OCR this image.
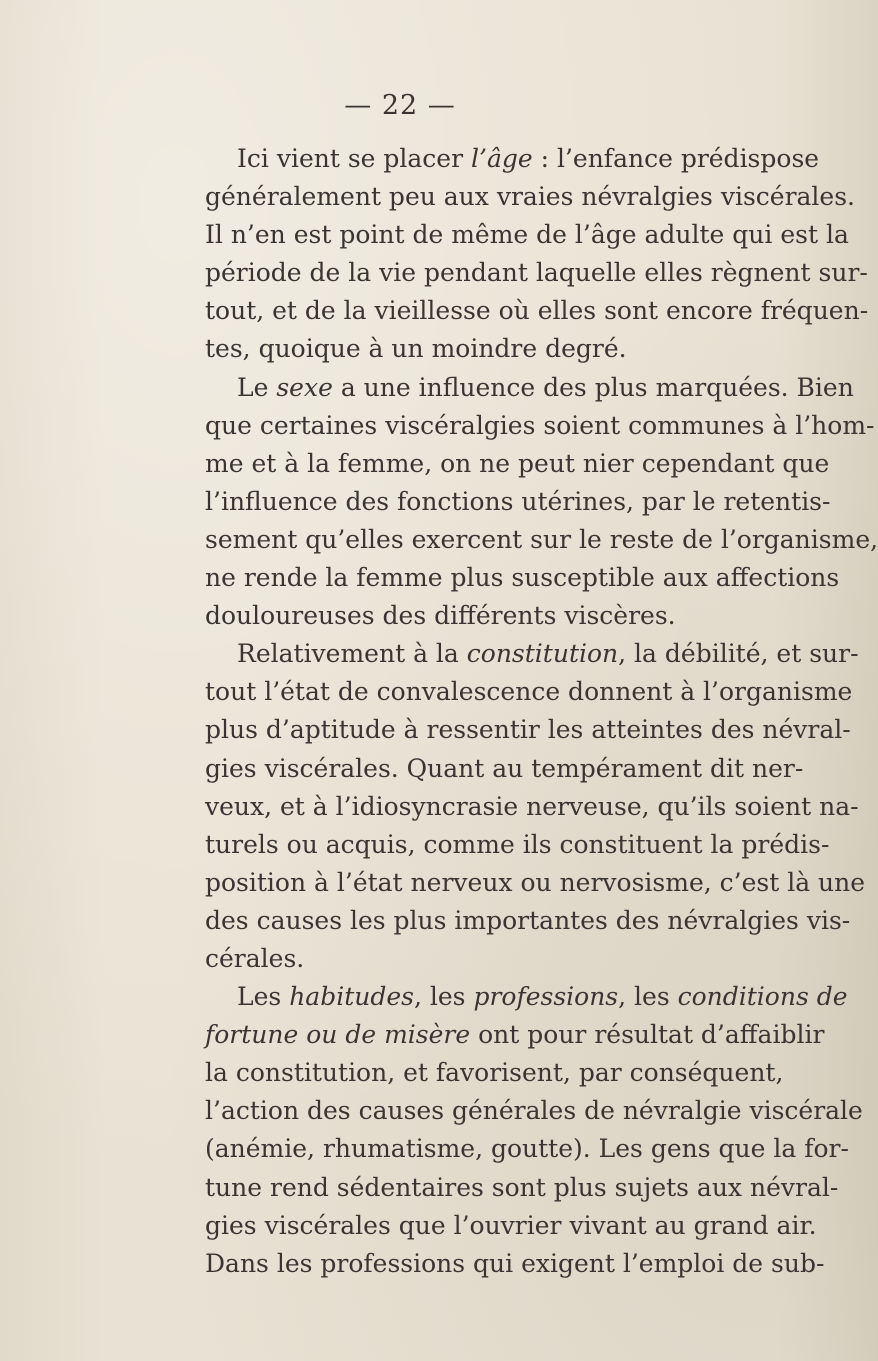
— 22 —
Ici vient se placer l’âge : l’enfance prédispose
généralement peu aux vraies névralgies viscérales.
Il n’en est point de même de l’âge adulte qui est la
période de la vie pendant laquelle elles règnent sur-
tout, et de la vieillesse où elles sont encore fréquen-
tes, quoique à un moindre degré.
Le sexe a une influence des plus marquées. Bien
que certaines viscéralgies soient communes à l’hom-
me et à la femme, on ne peut nier cependant que
l’influence des fonctions utérines, par le retentis-
sement qu’elles exercent sur le reste de l’organisme,
ne rende la femme plus susceptible aux affections
douloureuses des différents viscères.
Relativement à la constitution, la débilité, et sur-
tout l’état de convalescence donnent à l’organisme
plus d’aptitude à ressentir les atteintes des névral-
gies viscérales. Quant au tempérament dit ner-
veux, et à l’idiosyncrasie nerveuse, qu’ils soient na-
turels ou acquis, comme ils constituent la prédis-
position à l’état nerveux ou nervosisme, c’est là une
des causes les plus importantes des névralgies vis-
cérales.
Les habitudes, les professions, les conditions de
fortune ou de misère ont pour résultat d’affaiblir
la constitution, et favorisent, par conséquent,
l’action des causes générales de névralgie viscérale
(anémie, rhumatisme, goutte). Les gens que la for-
tune rend sédentaires sont plus sujets aux névral-
gies viscérales que l’ouvrier vivant au grand air.
Dans les professions qui exigent l’emploi de sub-
